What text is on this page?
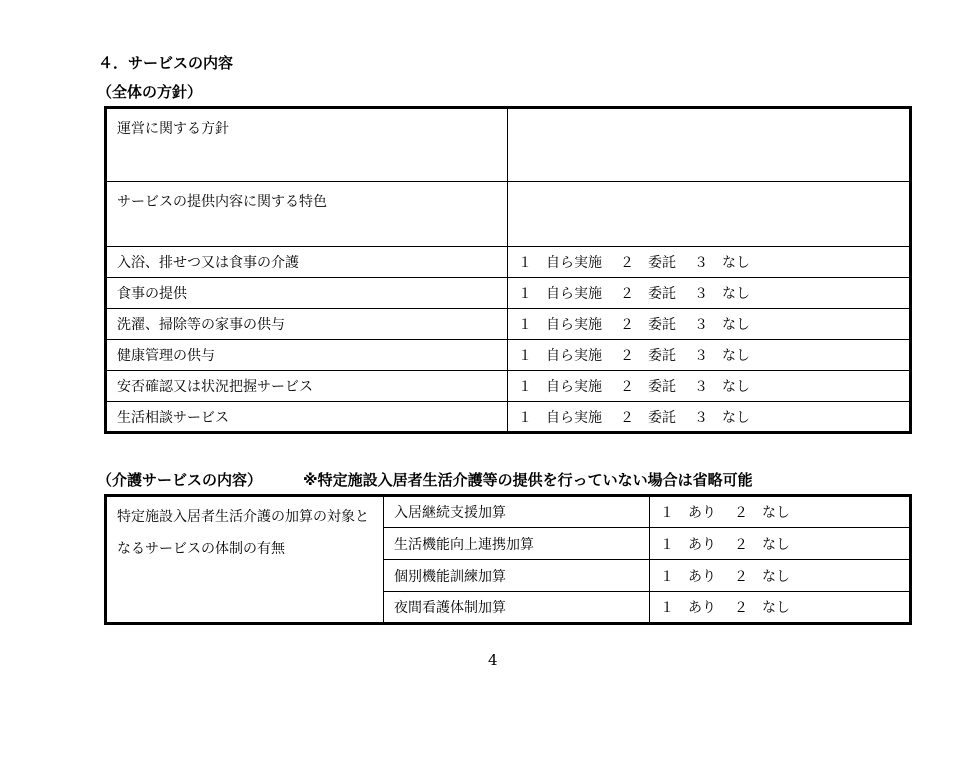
４．サービスの内容
（全体の方針）
運営に関する方針	
サービスの提供内容に関する特色	
入浴、排せつ又は食事の介護	１　自ら実施 ２　委託 ３　なし
食事の提供	１　自ら実施 ２　委託 ３　なし
洗濯、掃除等の家事の供与	１　自ら実施 ２　委託 ３　なし
健康管理の供与	１　自ら実施 ２　委託 ３　なし
安否確認又は状況把握サービス	１　自ら実施 ２　委託 ３　なし
生活相談サービス	１　自ら実施 ２　委託 ３　なし
（介護サービスの内容）	※特定施設入居者生活介護等の提供を行っていない場合は省略可能
特定施設入居者生活介護の加算の対象となるサービスの体制の有無	入居継続支援加算	１　あり ２　なし
	生活機能向上連携加算	１　あり ２　なし
	個別機能訓練加算	１　あり ２　なし
	夜間看護体制加算	１　あり ２　なし
4
